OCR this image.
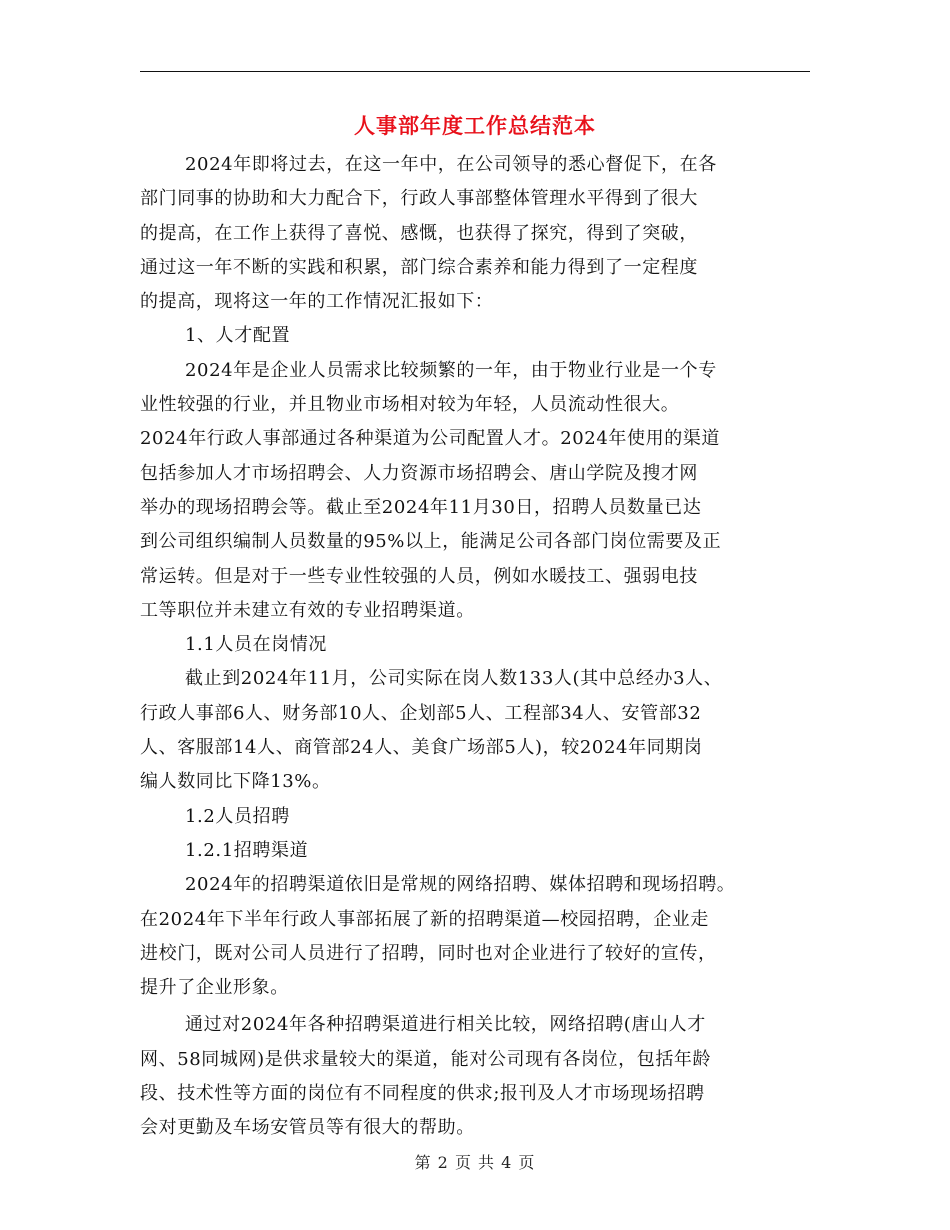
人事部年度工作总结范本
2024年即将过去，在这一年中，在公司领导的悉心督促下，在各
部门同事的协助和大力配合下，行政人事部整体管理水平得到了很大
的提高，在工作上获得了喜悦、感慨，也获得了探究，得到了突破，
通过这一年不断的实践和积累，部门综合素养和能力得到了一定程度
的提高，现将这一年的工作情况汇报如下：
1、人才配置
2024年是企业人员需求比较频繁的一年，由于物业行业是一个专
业性较强的行业，并且物业市场相对较为年轻，人员流动性很大。
2024年行政人事部通过各种渠道为公司配置人才。2024年使用的渠道
包括参加人才市场招聘会、人力资源市场招聘会、唐山学院及搜才网
举办的现场招聘会等。截止至2024年11月30日，招聘人员数量已达
到公司组织编制人员数量的95%以上，能满足公司各部门岗位需要及正
常运转。但是对于一些专业性较强的人员，例如水暖技工、强弱电技
工等职位并未建立有效的专业招聘渠道。
1.1人员在岗情况
截止到2024年11月，公司实际在岗人数133人(其中总经办3人、
行政人事部6人、财务部10人、企划部5人、工程部34人、安管部32
人、客服部14人、商管部24人、美食广场部5人)，较2024年同期岗
编人数同比下降13%。
1.2人员招聘
1.2.1招聘渠道
2024年的招聘渠道依旧是常规的网络招聘、媒体招聘和现场招聘。
在2024年下半年行政人事部拓展了新的招聘渠道—校园招聘，企业走
进校门，既对公司人员进行了招聘，同时也对企业进行了较好的宣传，
提升了企业形象。
通过对2024年各种招聘渠道进行相关比较，网络招聘(唐山人才
网、58同城网)是供求量较大的渠道，能对公司现有各岗位，包括年龄
段、技术性等方面的岗位有不同程度的供求;报刊及人才市场现场招聘
会对更勤及车场安管员等有很大的帮助。
第 2 页 共 4 页
